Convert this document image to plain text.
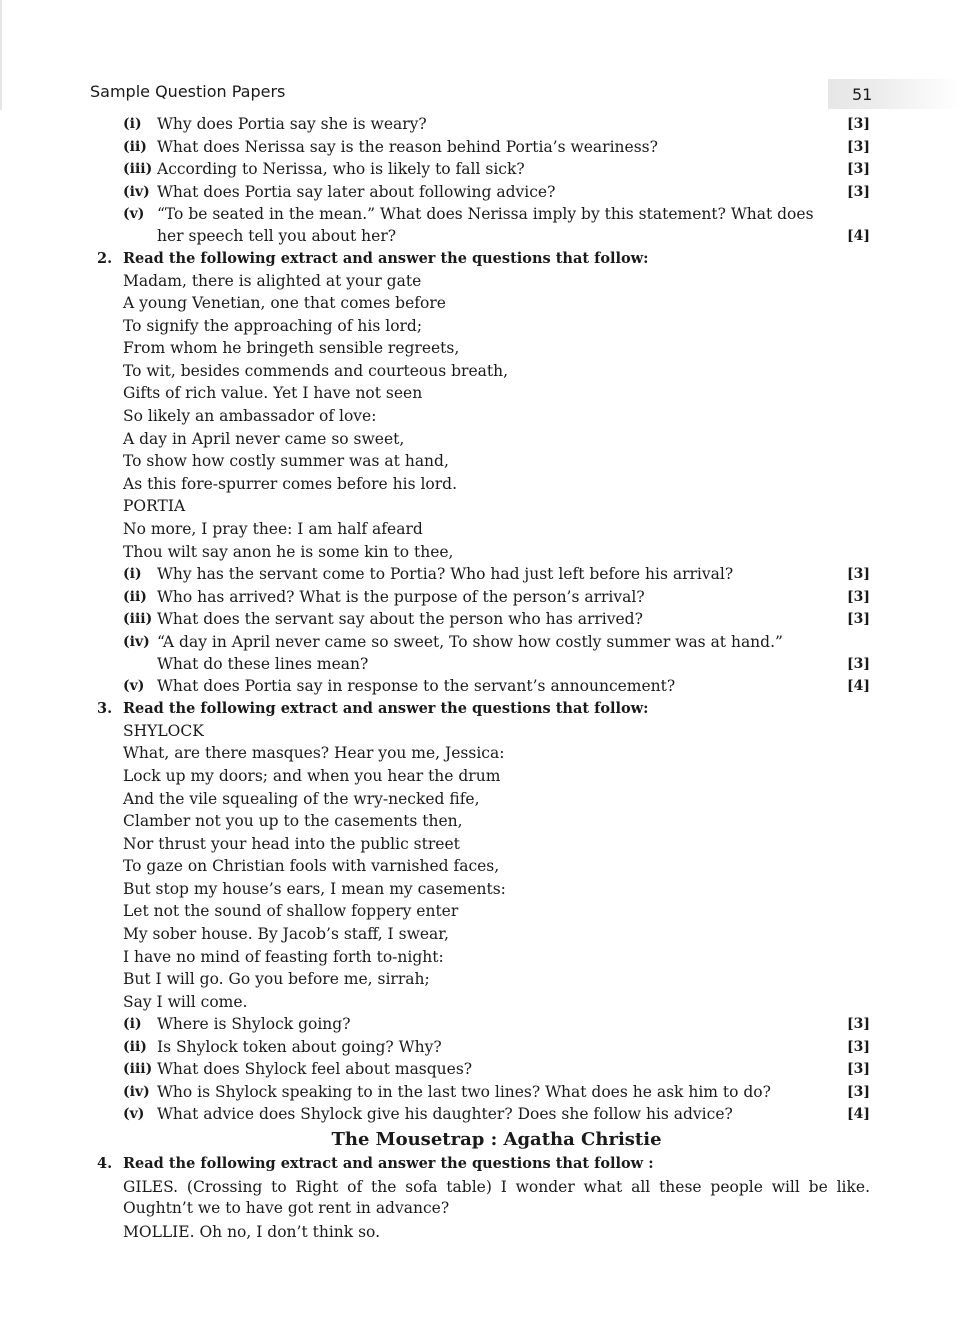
Sample Question Papers	51
(i) Why does Portia say she is weary?	[3]
(ii) What does Nerissa say is the reason behind Portia’s weariness?	[3]
(iii) According to Nerissa, who is likely to fall sick?	[3]
(iv) What does Portia say later about following advice?	[3]
(v) “To be seated in the mean.” What does Nerissa imply by this statement? What does her speech tell you about her?	[4]
2. Read the following extract and answer the questions that follow:
Madam, there is alighted at your gate
A young Venetian, one that comes before
To signify the approaching of his lord;
From whom he bringeth sensible regreets,
To wit, besides commends and courteous breath,
Gifts of rich value. Yet I have not seen
So likely an ambassador of love:
A day in April never came so sweet,
To show how costly summer was at hand,
As this fore-spurrer comes before his lord.
PORTIA
No more, I pray thee: I am half afeard
Thou wilt say anon he is some kin to thee,
(i) Why has the servant come to Portia? Who had just left before his arrival?	[3]
(ii) Who has arrived? What is the purpose of the person’s arrival?	[3]
(iii) What does the servant say about the person who has arrived?	[3]
(iv) “A day in April never came so sweet, To show how costly summer was at hand.” What do these lines mean?	[3]
(v) What does Portia say in response to the servant’s announcement?	[4]
3. Read the following extract and answer the questions that follow:
SHYLOCK
What, are there masques? Hear you me, Jessica:
Lock up my doors; and when you hear the drum
And the vile squealing of the wry-necked fife,
Clamber not you up to the casements then,
Nor thrust your head into the public street
To gaze on Christian fools with varnished faces,
But stop my house’s ears, I mean my casements:
Let not the sound of shallow foppery enter
My sober house. By Jacob’s staff, I swear,
I have no mind of feasting forth to-night:
But I will go. Go you before me, sirrah;
Say I will come.
(i) Where is Shylock going?	[3]
(ii) Is Shylock token about going? Why?	[3]
(iii) What does Shylock feel about masques?	[3]
(iv) Who is Shylock speaking to in the last two lines? What does he ask him to do?	[3]
(v) What advice does Shylock give his daughter? Does she follow his advice?	[4]
The Mousetrap : Agatha Christie
4. Read the following extract and answer the questions that follow :

GILES. (Crossing to Right of the sofa table) I wonder what all these people will be like. Oughtn’t we to have got rent in advance?

MOLLIE. Oh no, I don’t think so.
